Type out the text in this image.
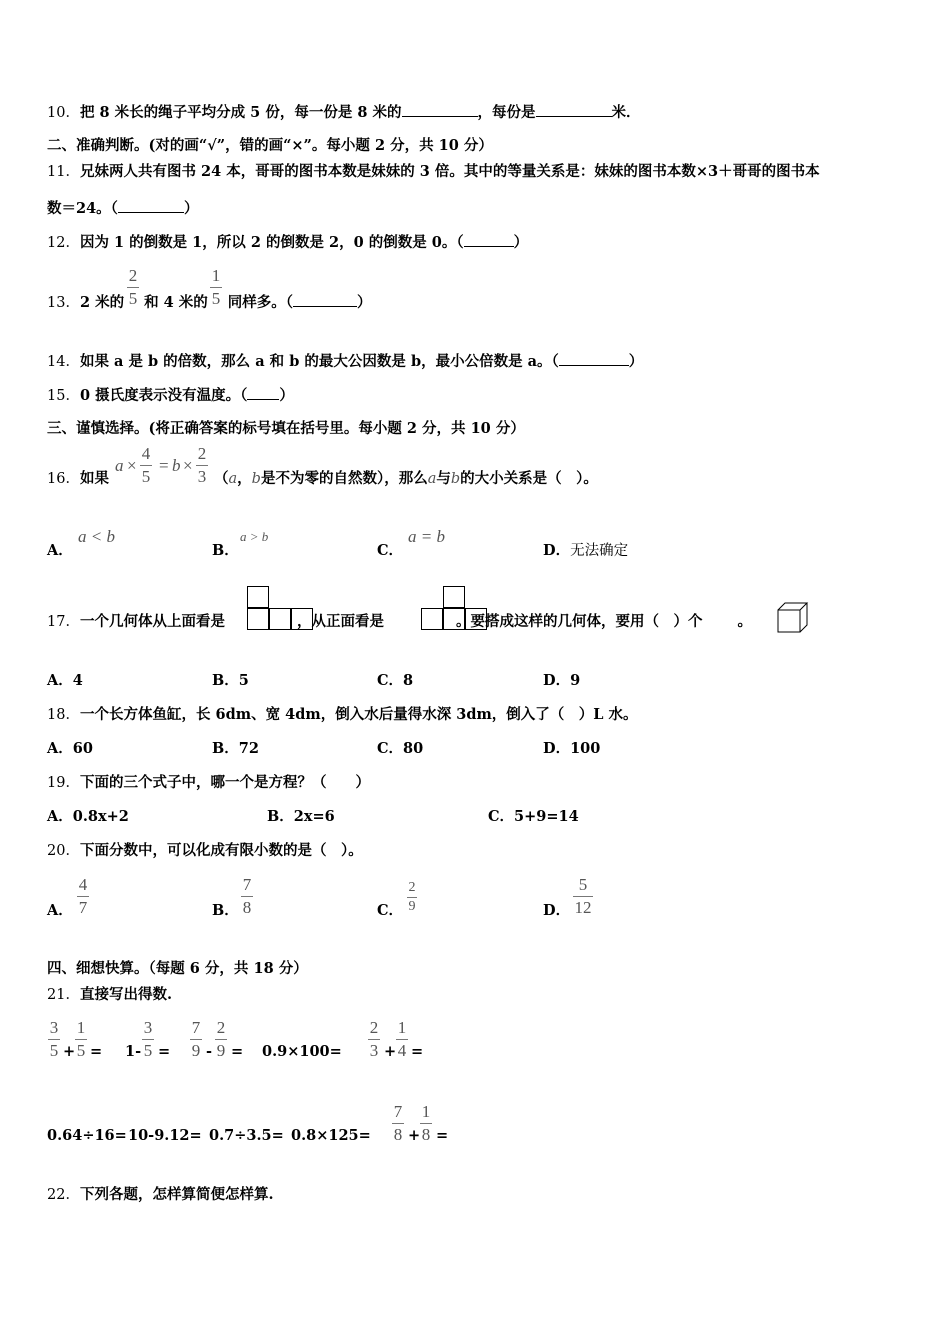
10．把 8 米长的绳子平均分成 5 份，每一份是 8 米的	，每份是	米．
二、准确判断。(对的画“√”，错的画“×”。每小题 2 分，共 10 分）
11．兄妹两人共有图书 24 本，哥哥的图书本数是妹妹的 3 倍。其中的等量关系是：妹妹的图书本数×3＋哥哥的图书本
数＝24。（	）
12．因为 1 的倒数是 1，所以 2 的倒数是 2，0 的倒数是 0。（	）
13．2 米的 和 4 米的 同样多。（	）
2
5
1
5
14．如果 a 是 b 的倍数，那么 a 和 b 的最大公因数是 b，最小公倍数是 a。（	）
15．0 摄氏度表示没有温度。（ ）
三、谨慎选择。(将正确答案的标号填在括号里。每小题 2 分，共 10 分）
16．如果
a ×
4
5
= b ×
2
3 （a，b是不为零的自然数），那么a与b的大小关系是（　）。
A．
a < b
B．
a > b
C．
a = b
D．无法确定
17．一个几何体从上面看是	，从正面看是	。要搭成这样的几何体，要用（　）个 。
A．4	B．5	C．8	D．9
18．一个长方体鱼缸，长 6dm、宽 4dm，倒入水后量得水深 3dm，倒入了（　）L 水。
A．60	B．72	C．80	D．100
19．下面的三个式子中，哪一个是方程？（　　）
A．0.8x+2	B．2x=6	C．5+9=14
20．下面分数中，可以化成有限小数的是（　）。
A．
4
7	B．
7
8	C．
2
9	D．
5
12
四、细想快算。（每题 6 分，共 18 分）
21．直接写出得数.
3
5 +
1
5 = 1-
3
5 =
7
9 -
2
9 = 0.9×100=
2
3 +
1
4 =
0.64÷16= 10-9.12= 0.7÷3.5= 0.8×125=
7
8 +
1
8 =
22．下列各题，怎样算简便怎样算.
